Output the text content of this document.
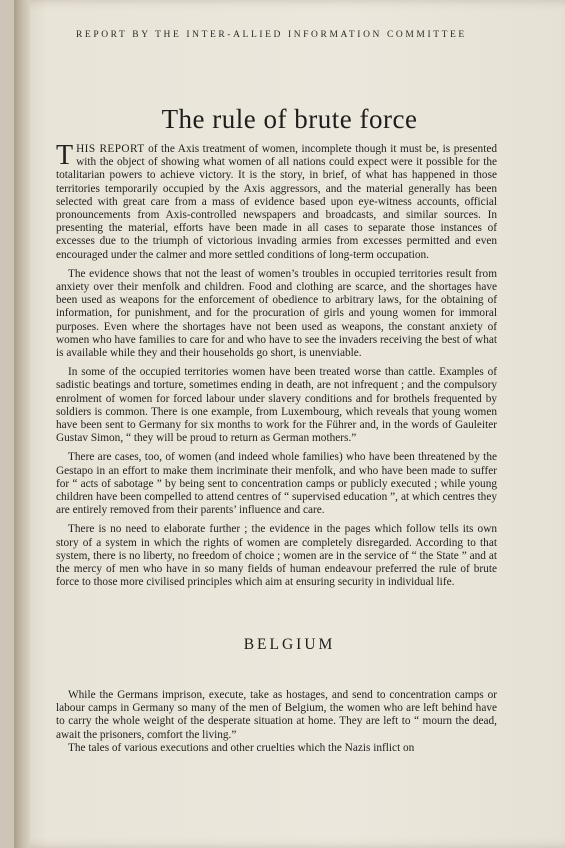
REPORT BY THE INTER-ALLIED INFORMATION COMMITTEE
The rule of brute force

THIS REPORT of the Axis treatment of women, incomplete though it must be, is presented with the object of showing what women of all nations could expect were it possible for the totalitarian powers to achieve victory. It is the story, in brief, of what has happened in those territories temporarily occupied by the Axis aggressors, and the material generally has been selected with great care from a mass of evidence based upon eye-witness accounts, official pronouncements from Axis-controlled newspapers and broadcasts, and similar sources. In presenting the material, efforts have been made in all cases to separate those instances of excesses due to the triumph of victorious invading armies from excesses permitted and even encouraged under the calmer and more settled conditions of long-term occupation.

The evidence shows that not the least of women’s troubles in occupied territories result from anxiety over their menfolk and children. Food and clothing are scarce, and the shortages have been used as weapons for the enforcement of obedience to arbitrary laws, for the obtaining of information, for punishment, and for the procuration of girls and young women for immoral purposes. Even where the shortages have not been used as weapons, the constant anxiety of women who have families to care for and who have to see the invaders receiving the best of what is available while they and their households go short, is unenviable.

In some of the occupied territories women have been treated worse than cattle. Examples of sadistic beatings and torture, sometimes ending in death, are not infrequent ; and the compulsory enrolment of women for forced labour under slavery conditions and for brothels frequented by soldiers is common. There is one example, from Luxembourg, which reveals that young women have been sent to Germany for six months to work for the Führer and, in the words of Gauleiter Gustav Simon, “ they will be proud to return as German mothers.”

There are cases, too, of women (and indeed whole families) who have been threatened by the Gestapo in an effort to make them incriminate their menfolk, and who have been made to suffer for “ acts of sabotage ” by being sent to concentration camps or publicly executed ; while young children have been compelled to attend centres of “ supervised education ”, at which centres they are entirely removed from their parents’ influence and care.

There is no need to elaborate further ; the evidence in the pages which follow tells its own story of a system in which the rights of women are completely disregarded. According to that system, there is no liberty, no freedom of choice ; women are in the service of “ the State ” and at the mercy of men who have in so many fields of human endeavour preferred the rule of brute force to those more civilised principles which aim at ensuring security in individual life.

BELGIUM

While the Germans imprison, execute, take as hostages, and send to concentration camps or labour camps in Germany so many of the men of Belgium, the women who are left behind have to carry the whole weight of the desperate situation at home. They are left to “ mourn the dead, await the prisoners, comfort the living.”

The tales of various executions and other cruelties which the Nazis inflict on
